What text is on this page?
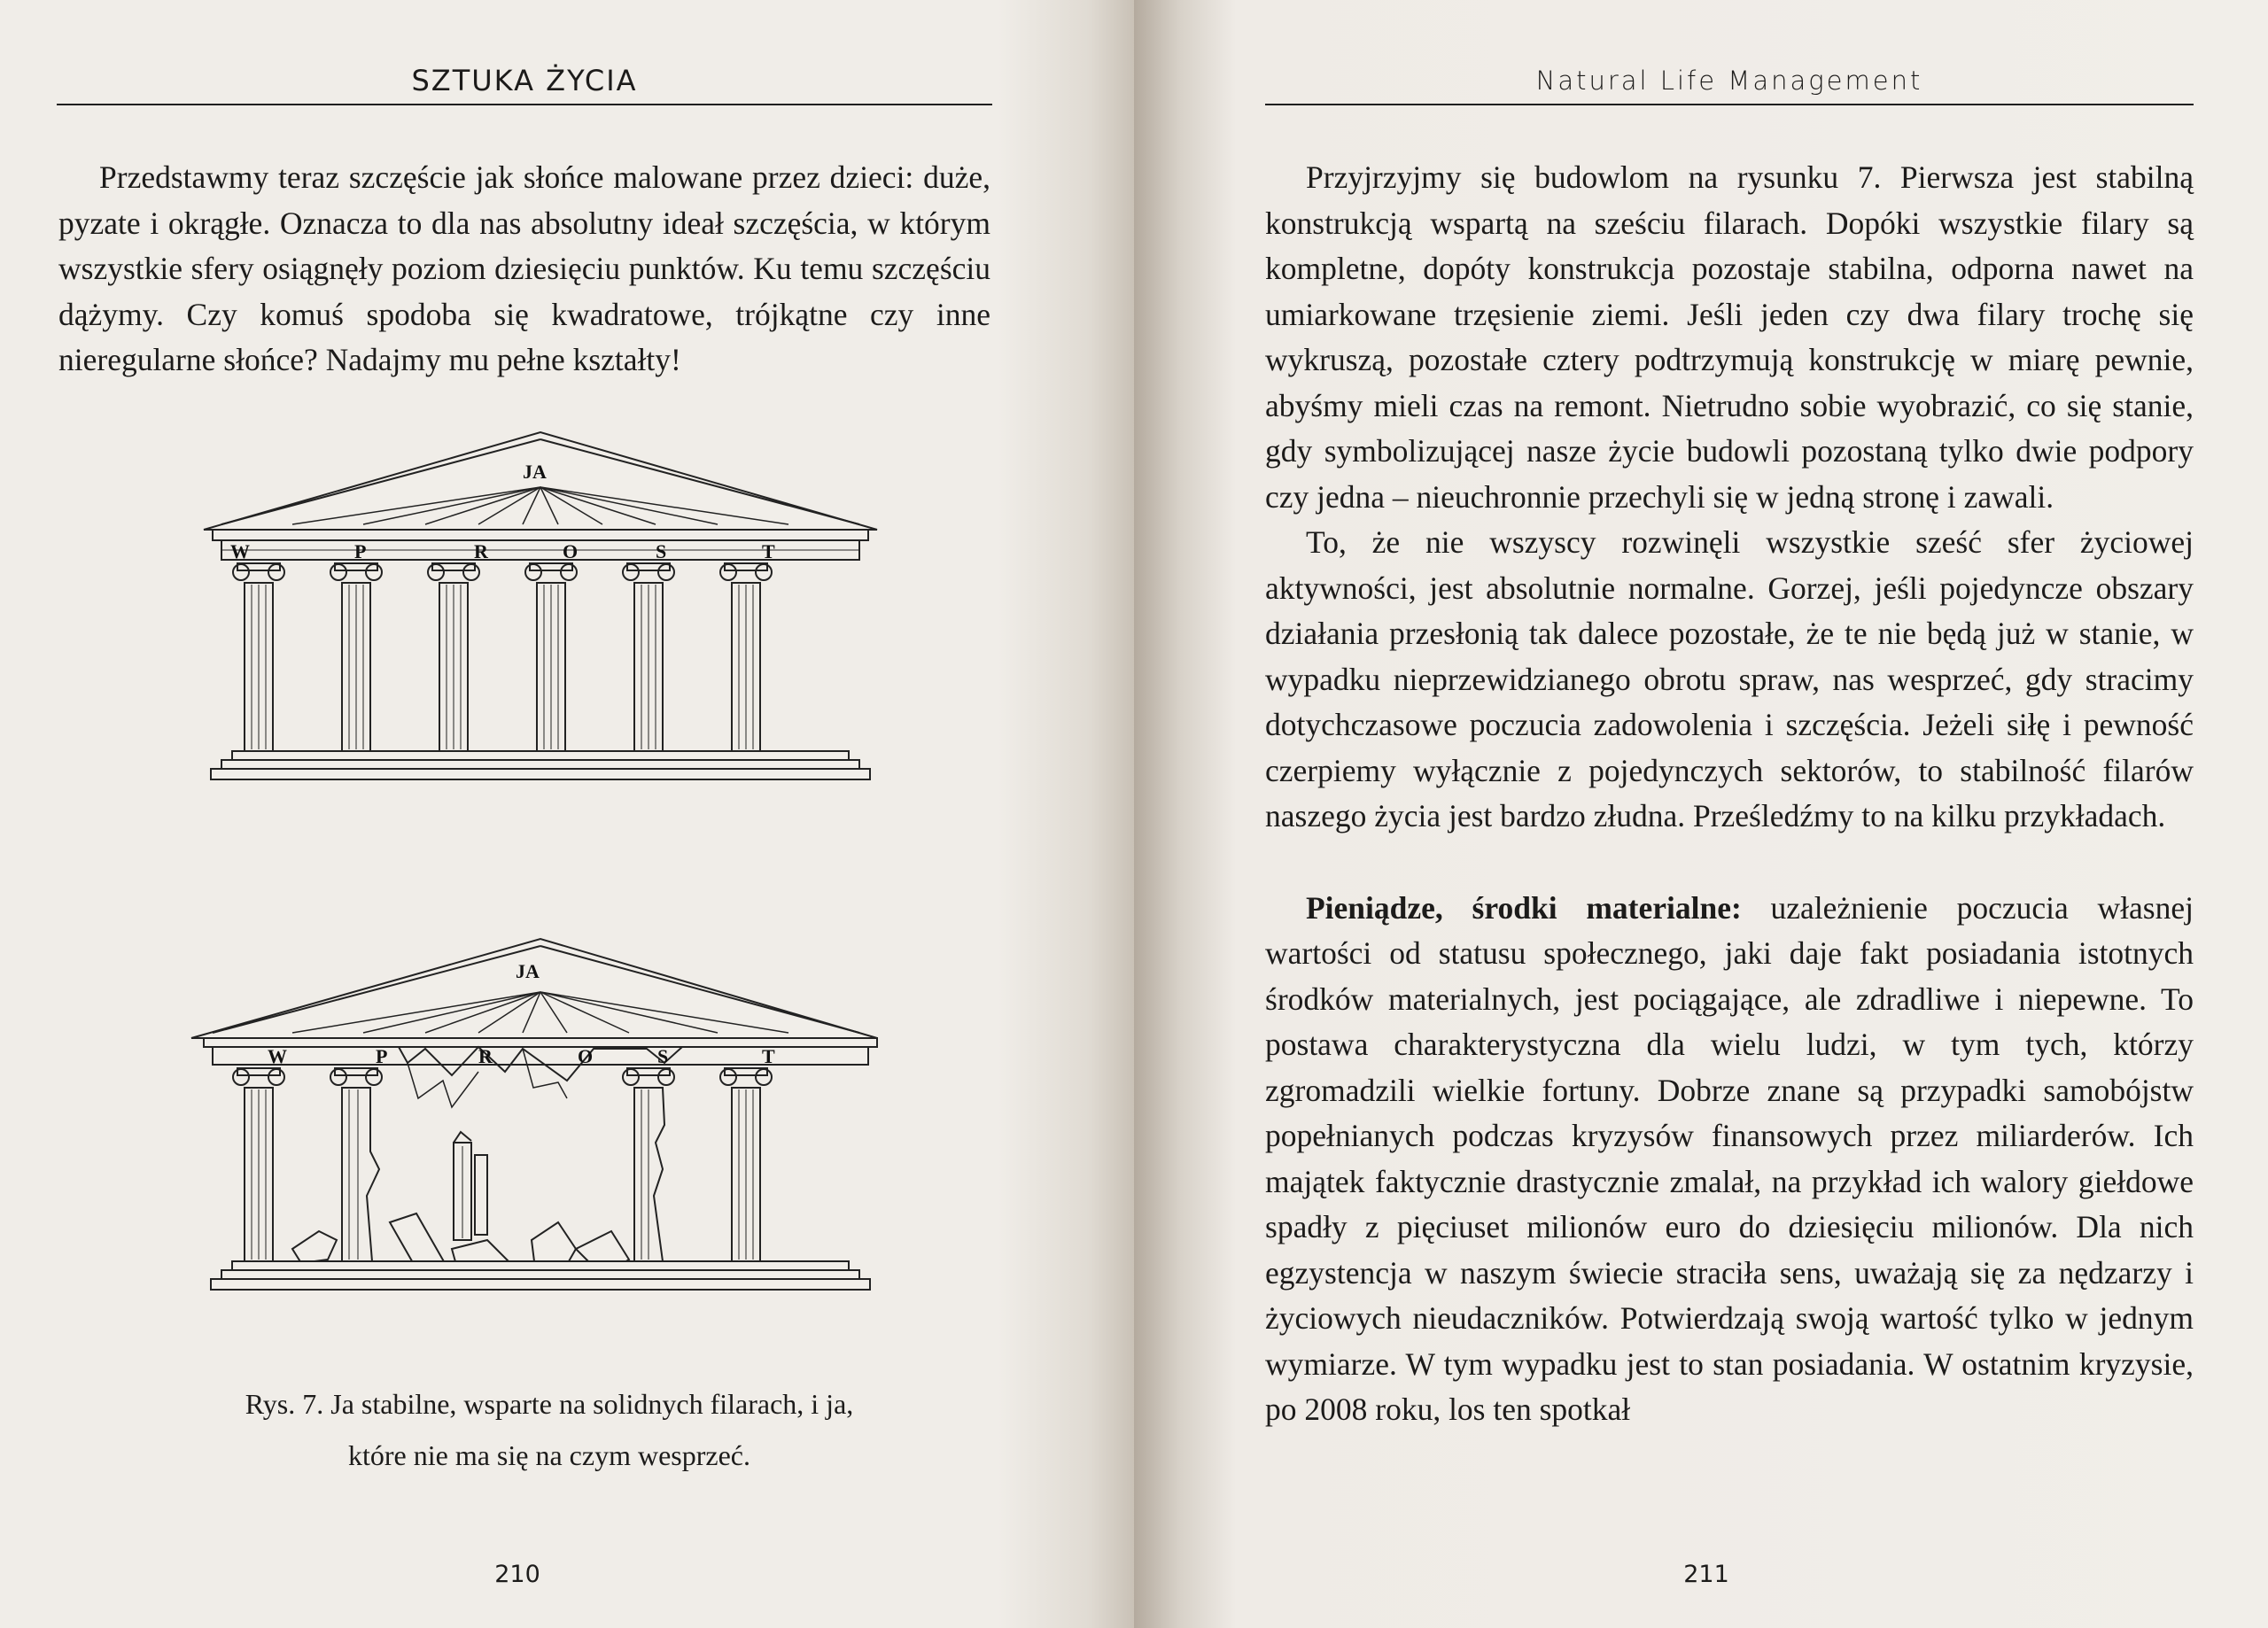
SZTUKA ŻYCIA

Przedstawmy teraz szczęście jak słońce malowane przez dzieci: duże, pyzate i okrągłe. Oznacza to dla nas absolutny ideał szczęścia, w którym wszystkie sfery osiągnęły poziom dziesięciu punktów. Ku temu szczęściu dążymy. Czy komuś spodoba się kwadratowe, trójkątne czy inne nieregularne słońce? Nadajmy mu pełne kształty!

JA
W	P	R	O	S	T
JA
W	P	R	O	S	T
Rys. 7. Ja stabilne, wsparte na solidnych filarach, i ja,
które nie ma się na czym wesprzeć.
210
Natural Life Management

Przyjrzyjmy się budowlom na rysunku 7. Pierwsza jest stabilną konstrukcją wspartą na sześciu filarach. Dopóki wszystkie filary są kompletne, dopóty konstrukcja pozostaje stabilna, odporna nawet na umiarkowane trzęsienie ziemi. Jeśli jeden czy dwa filary trochę się wykruszą, pozostałe cztery podtrzymują konstrukcję w miarę pewnie, abyśmy mieli czas na remont. Nietrudno sobie wyobrazić, co się stanie, gdy symbolizującej nasze życie budowli pozostaną tylko dwie podpory czy jedna – nieuchronnie przechyli się w jedną stronę i zawali.

To, że nie wszyscy rozwinęli wszystkie sześć sfer życiowej aktywności, jest absolutnie normalne. Gorzej, jeśli pojedyncze obszary działania przesłonią tak dalece pozostałe, że te nie będą już w stanie, w wypadku nieprzewidzianego obrotu spraw, nas wesprzeć, gdy stracimy dotychczasowe poczucia zadowolenia i szczęścia. Jeżeli siłę i pewność czerpiemy wyłącznie z pojedynczych sektorów, to stabilność filarów naszego życia jest bardzo złudna. Prześledźmy to na kilku przykładach.

Pieniądze, środki materialne: uzależnienie poczucia własnej wartości od statusu społecznego, jaki daje fakt posiadania istotnych środków materialnych, jest pociągające, ale zdradliwe i niepewne. To postawa charakterystyczna dla wielu ludzi, w tym tych, którzy zgromadzili wielkie fortuny. Dobrze znane są przypadki samobójstw popełnianych podczas kryzysów finansowych przez miliarderów. Ich majątek faktycznie drastycznie zmalał, na przykład ich walory giełdowe spadły z pięciuset milionów euro do dziesięciu milionów. Dla nich egzystencja w naszym świecie straciła sens, uważają się za nędzarzy i życiowych nieudaczników. Potwierdzają swoją wartość tylko w jednym wymiarze. W tym wypadku jest to stan posiadania. W ostatnim kryzysie, po 2008 roku, los ten spotkał

211
